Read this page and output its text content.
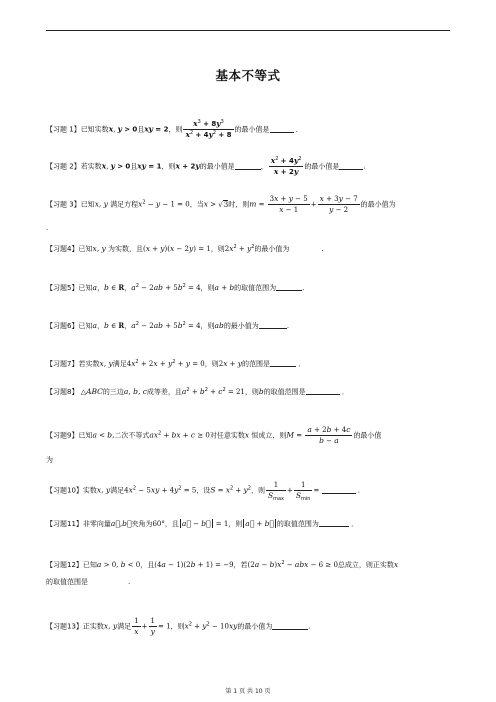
基本不等式
【习题 1】已知实数x, y > 0且xy = 2，则 $\frac{x^3 + 8y^3}{x^2 + 4y^2 + 8}$ 的最小值是	．
【习题 2】若实数x, y > 0且xy = 1，则x + 2y的最小值是	， $\frac{x^2 + 4y^2}{x + 2y}$ 的最小值是	.
【习题 3】已知x, y 满足方程$x^2 - y - 1 = 0$，当x > √3时，则$m = \frac{3x + y - 5}{x - 1} + \frac{x + 3y - 7}{y - 2}$ 的最小值为
.
【习题4】已知x, y 为实数，且(x + y)(x − 2y) = 1，则$2x^2 + y^2$的最小值为	.
【习题5】已知a，b ∈ R，$a^2 - 2ab + 5b^2 = 4$，则a + b的取值范围为	.
【习题6】已知a，b ∈ R，$a^2 - 2ab + 5b^2 = 4$，则ab的最小值为	.
【习题7】若实数x, y满足$4x^2 + 2x + y^2 + y = 0$，则2x + y的范围是	．
【习题8】 △ABC的三边a, b, c成等差，且$a^2 + b^2 + c^2 = 21$，则b的取值范围是	．
【习题9】已知a < b,二次不等式$ax^2$ + bx + c ≥ 0对任意实数x 恒成立，则$M = \frac{a + 2b + 4c}{b - a}$ 的最小值
为
【习题10】实数x, y满足$4x^2 - 5xy + 4y^2 = 5$，设$S = x^2 + y^2$，则 $\frac{1}{S_{max}} + \frac{1}{S_{min}}$ =	.
【习题11】非零向量a⃗,b⃗夹角为60°，且 a⃗ − b⃗ = 1，则 a⃗ + b⃗ 的取值范围为	．
【习题12】已知a > 0, b < 0，且(4a − 1)(2b + 1) = −9，若$(2a - b)x^2$ − abx − 6 ≥ 0总成立，则正实数x
的取值范围是	.
【习题13】正实数x, y满足 $\frac{1}{x} + \frac{1}{y} = 1$，则$x^2 + y^2 - 10xy$的最小值为	.
第 1 页 共 10 页
